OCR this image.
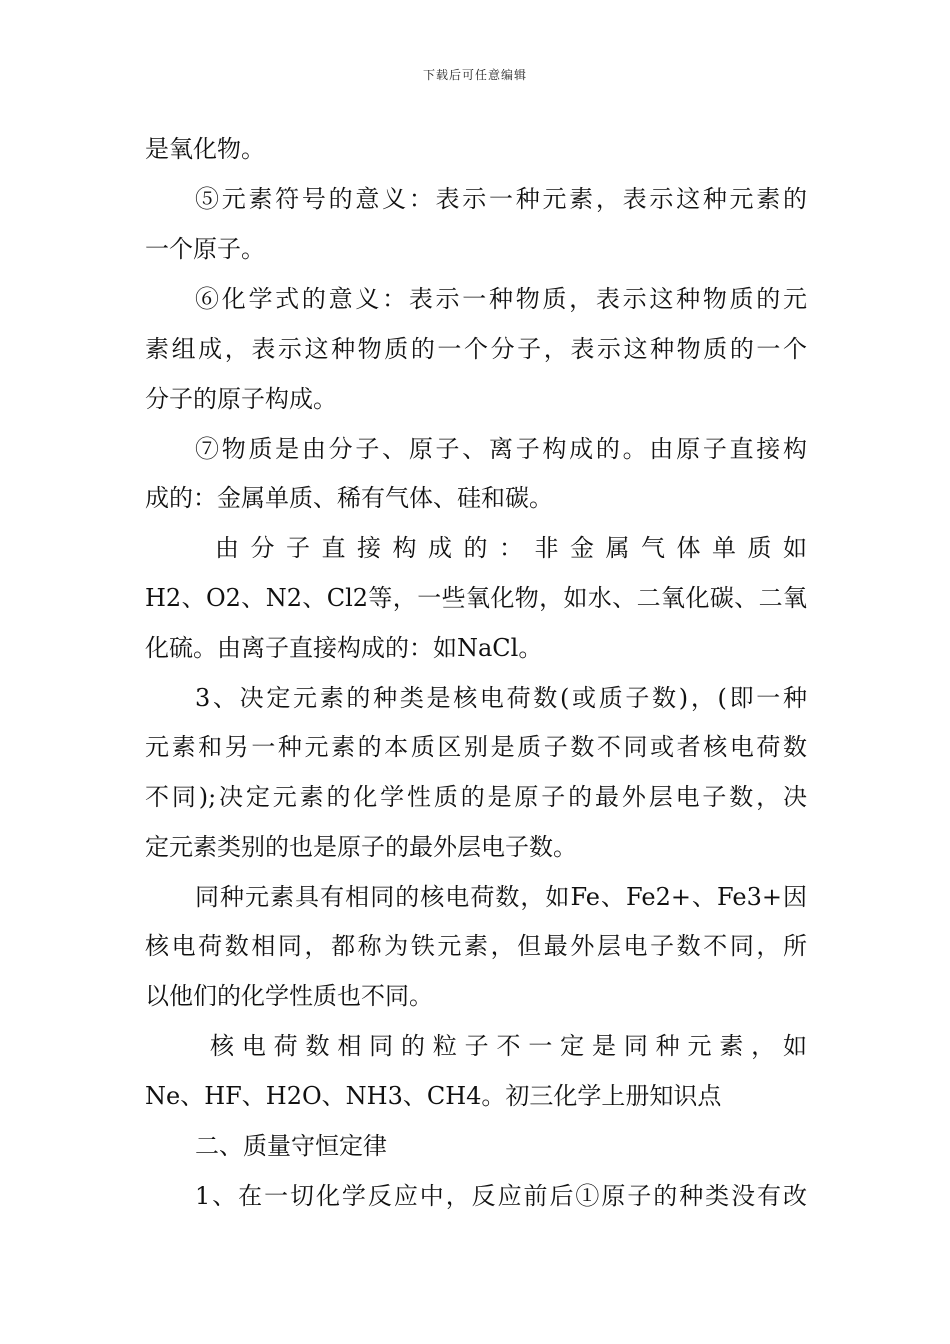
下载后可任意编辑
是氧化物。
⑤元素符号的意义：表示一种元素，表示这种元素的
一个原子。
⑥化学式的意义：表示一种物质，表示这种物质的元
素组成，表示这种物质的一个分子，表示这种物质的一个
分子的原子构成。
⑦物质是由分子、原子、离子构成的。由原子直接构
成的：金属单质、稀有气体、硅和碳。
由分子直接构成的：非金属气体单质如
H2、O2、N2、Cl2等，一些氧化物，如水、二氧化碳、二氧
化硫。由离子直接构成的：如NaCl。
3、决定元素的种类是核电荷数(或质子数)，(即一种
元素和另一种元素的本质区别是质子数不同或者核电荷数
不同);决定元素的化学性质的是原子的最外层电子数，决
定元素类别的也是原子的最外层电子数。
同种元素具有相同的核电荷数，如Fe、Fe2+、Fe3+因
核电荷数相同，都称为铁元素，但最外层电子数不同，所
以他们的化学性质也不同。
核电荷数相同的粒子不一定是同种元素，如
Ne、HF、H2O、NH3、CH4。初三化学上册知识点
二、质量守恒定律
1、在一切化学反应中，反应前后①原子的种类没有改
